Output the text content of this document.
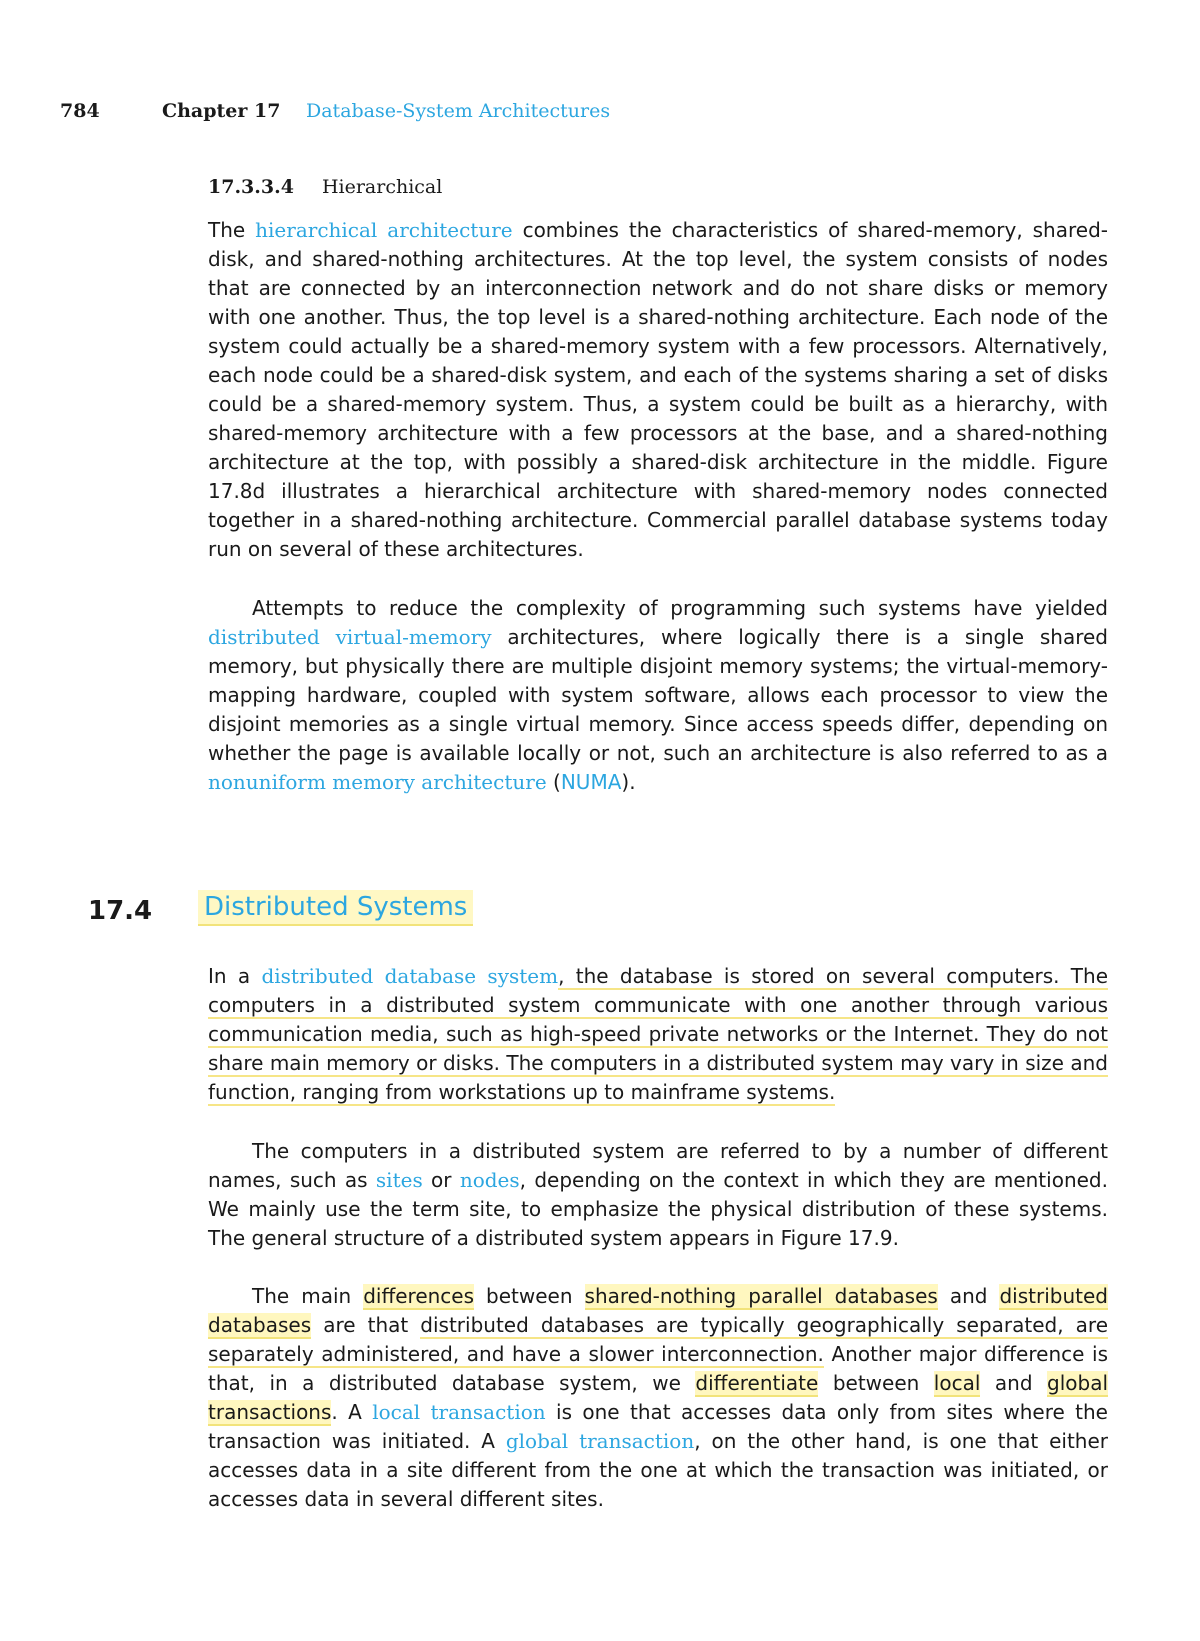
784	Chapter 17 Database-System Architectures
17.3.3.4 Hierarchical

The hierarchical architecture combines the characteristics of shared-memory, shared-disk, and shared-nothing architectures. At the top level, the system consists of nodes that are connected by an interconnection network and do not share disks or memory with one another. Thus, the top level is a shared-nothing architecture. Each node of the system could actually be a shared-memory system with a few processors. Alternatively, each node could be a shared-disk system, and each of the systems sharing a set of disks could be a shared-memory system. Thus, a system could be built as a hierarchy, with shared-memory architecture with a few processors at the base, and a shared-nothing architecture at the top, with possibly a shared-disk architecture in the middle. Figure 17.8d illustrates a hierarchical architecture with shared-memory nodes connected together in a shared-nothing architecture. Commercial parallel database systems today run on several of these architectures.

Attempts to reduce the complexity of programming such systems have yielded distributed virtual-memory architectures, where logically there is a single shared memory, but physically there are multiple disjoint memory systems; the virtual-memory-mapping hardware, coupled with system software, allows each processor to view the disjoint memories as a single virtual memory. Since access speeds differ, depending on whether the page is available locally or not, such an architecture is also referred to as a nonuniform memory architecture (NUMA).

17.4 Distributed Systems

In a distributed database system, the database is stored on several computers. The computers in a distributed system communicate with one another through various communication media, such as high-speed private networks or the Internet. They do not share main memory or disks. The computers in a distributed system may vary in size and function, ranging from workstations up to mainframe systems.

The computers in a distributed system are referred to by a number of different names, such as sites or nodes, depending on the context in which they are mentioned. We mainly use the term site, to emphasize the physical distribution of these systems. The general structure of a distributed system appears in Figure 17.9.

The main differences between shared-nothing parallel databases and distributed databases are that distributed databases are typically geographically separated, are separately administered, and have a slower interconnection. Another major difference is that, in a distributed database system, we differentiate between local and global transactions. A local transaction is one that accesses data only from sites where the transaction was initiated. A global transaction, on the other hand, is one that either accesses data in a site different from the one at which the transaction was initiated, or accesses data in several different sites.
